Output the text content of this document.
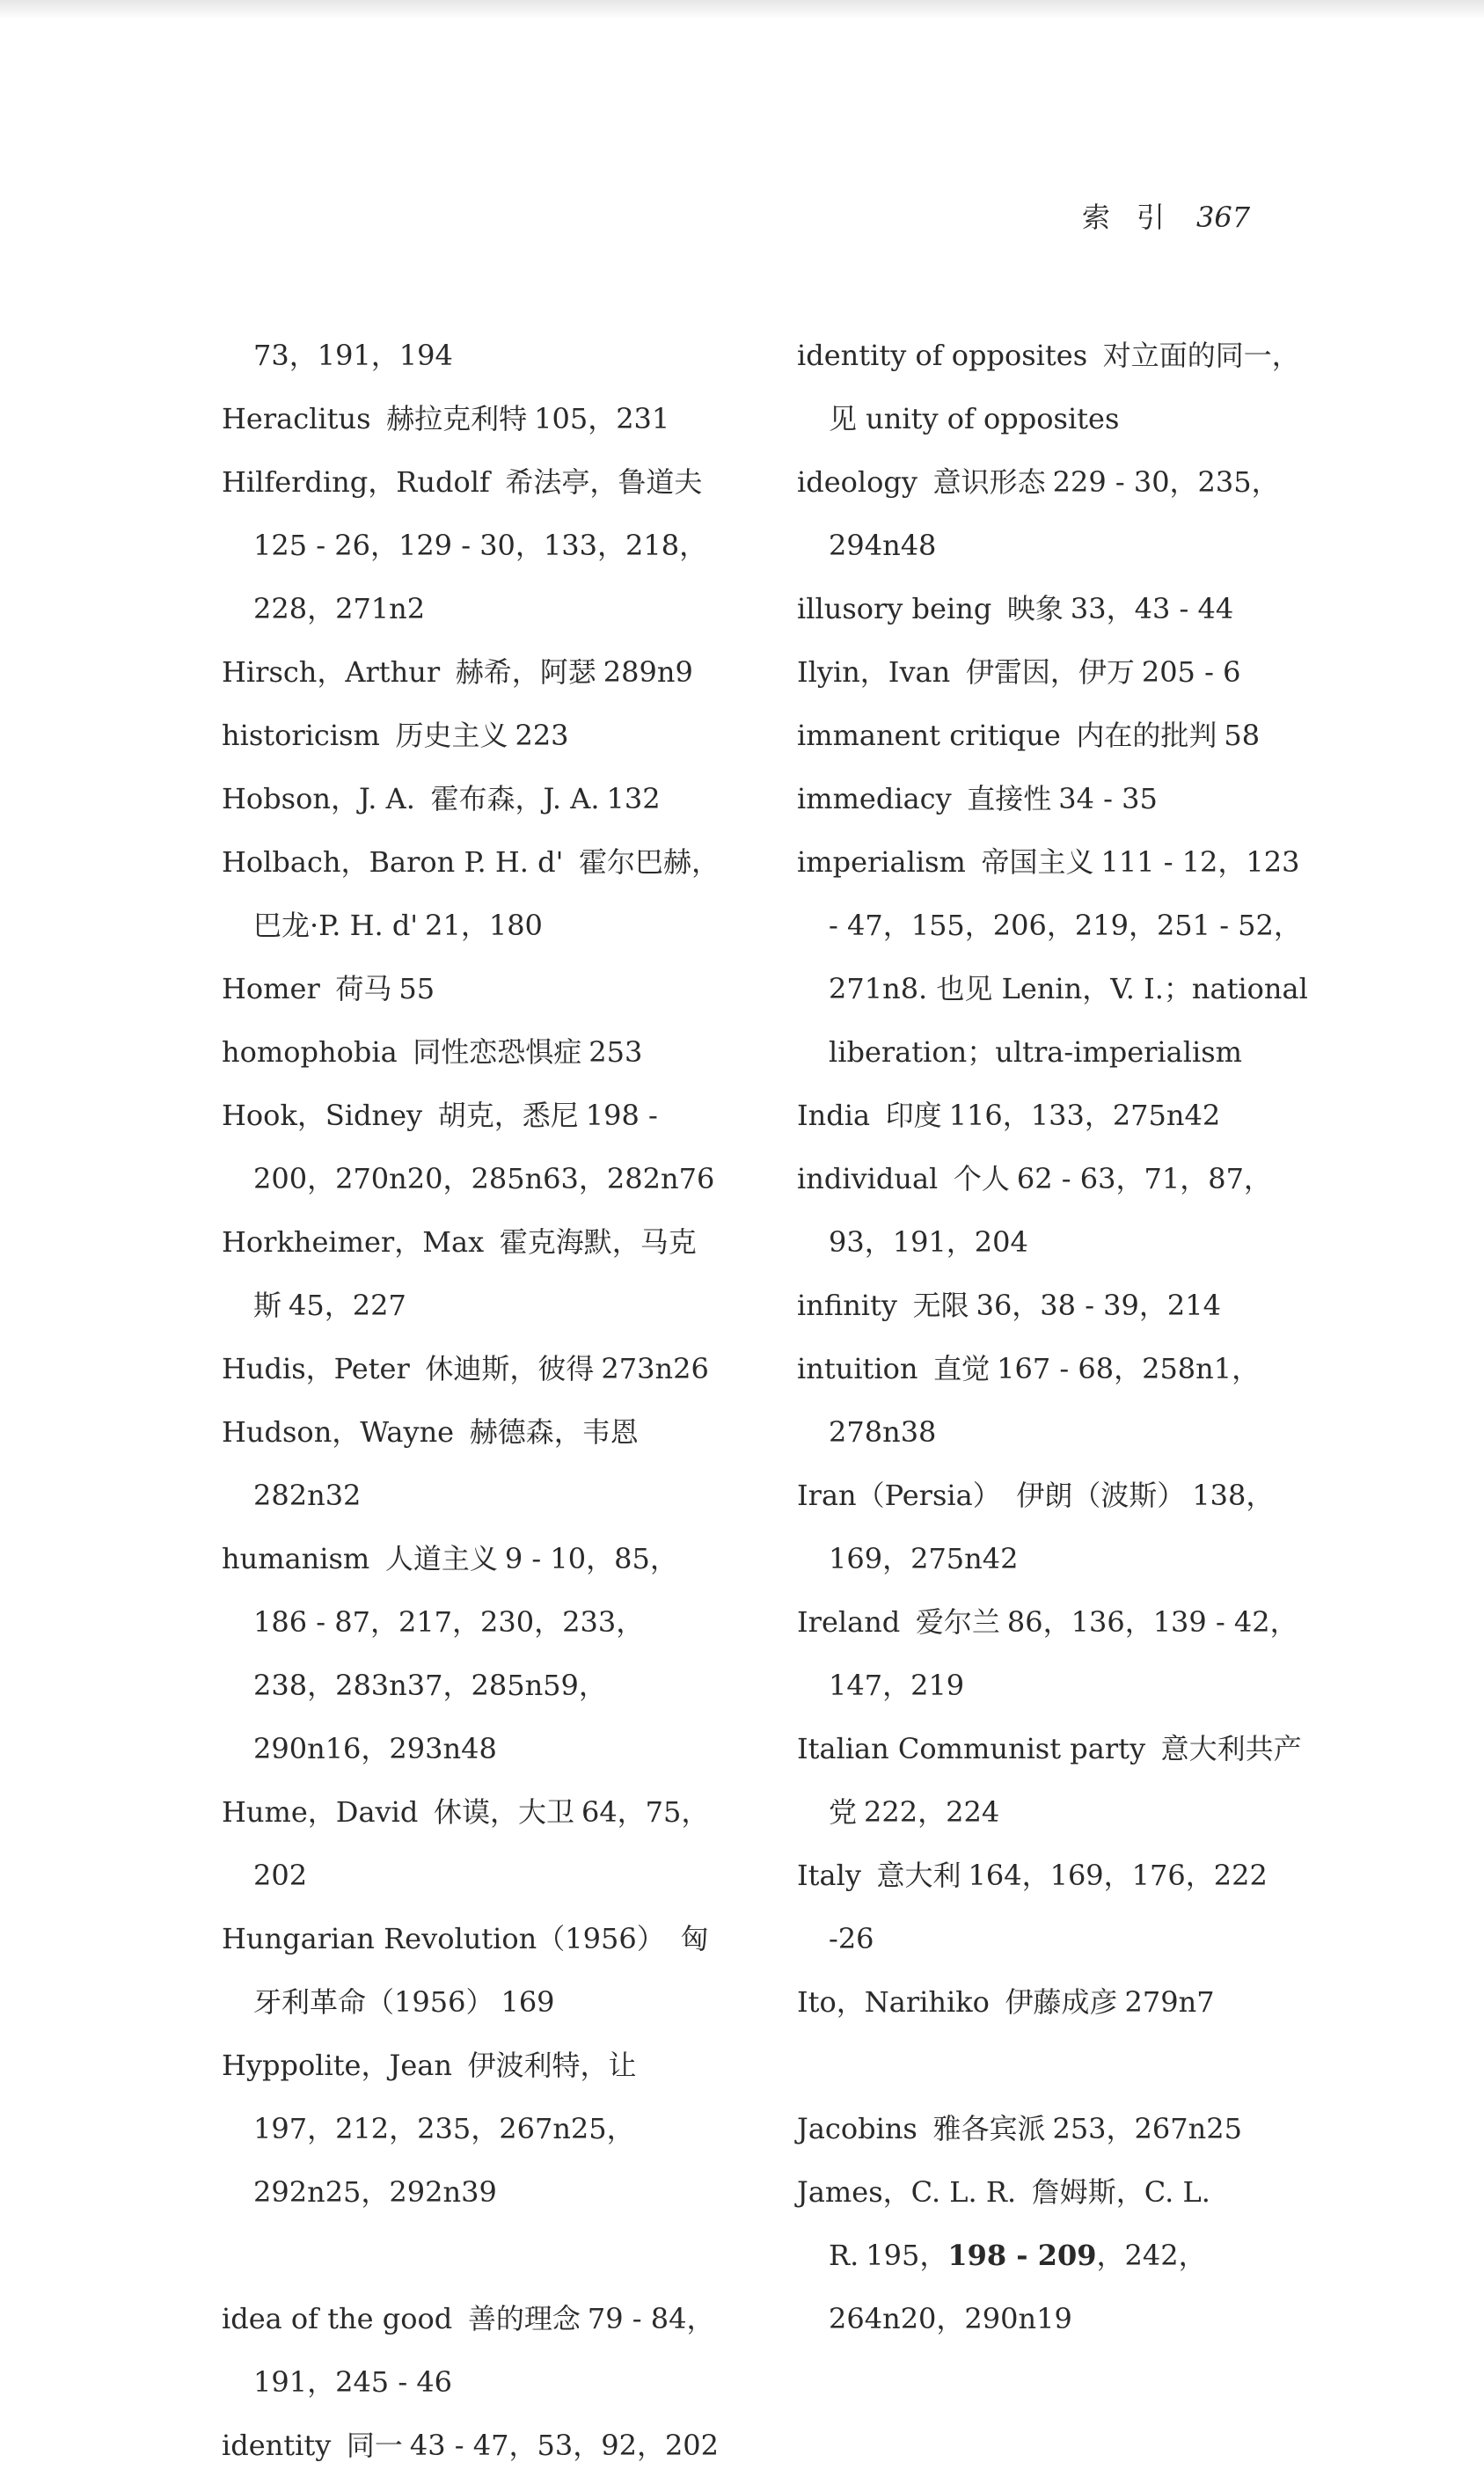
索引 367
73，191，194
Heraclitus 赫拉克利特 105，231
Hilferding，Rudolf 希法亭，鲁道夫125 - 26，129 - 30，133，218，228，271n2
Hirsch，Arthur 赫希，阿瑟 289n9
historicism 历史主义 223
Hobson，J. A. 霍布森，J. A. 132
Holbach，Baron P. H. d' 霍尔巴赫，巴龙·P. H. d' 21，180
Homer 荷马 55
homophobia 同性恋恐惧症 253
Hook，Sidney 胡克，悉尼 198 - 200，270n20，285n63，282n76
Horkheimer，Max 霍克海默，马克斯 45，227
Hudis，Peter 休迪斯，彼得 273n26
Hudson，Wayne 赫德森，韦恩282n32
humanism 人道主义 9 - 10，85，186 - 87，217，230，233，238，283n37，285n59，290n16，293n48
Hume，David 休谟，大卫 64，75，202
Hungarian Revolution（1956） 匈牙利革命（1956） 169
Hyppolite，Jean 伊波利特，让197，212，235，267n25，292n25，292n39
idea of the good 善的理念 79 - 84，191，245 - 46
identity 同一 43 - 47，53，92，202
identity of opposites 对立面的同一，见 unity of opposites
ideology 意识形态 229 - 30，235，294n48
illusory being 映象 33，43 - 44
Ilyin，Ivan 伊雷因，伊万 205 - 6
immanent critique 内在的批判 58
immediacy 直接性 34 - 35
imperialism 帝国主义 111 - 12，123 - 47，155，206，219，251 - 52，271n8. 也见 Lenin，V. I.；national liberation；ultra-imperialism
India 印度 116，133，275n42
individual 个人 62 - 63，71，87，93，191，204
infinity 无限 36，38 - 39，214
intuition 直觉 167 - 68，258n1，278n38
Iran（Persia） 伊朗（波斯） 138，169，275n42
Ireland 爱尔兰 86，136，139 - 42，147，219
Italian Communist party 意大利共产党 222，224
Italy 意大利 164，169，176，222 -26
Ito，Narihiko 伊藤成彦 279n7
Jacobins 雅各宾派 253，267n25
James，C. L. R. 詹姆斯，C. L. R. 195，198 - 209，242，264n20，290n19
